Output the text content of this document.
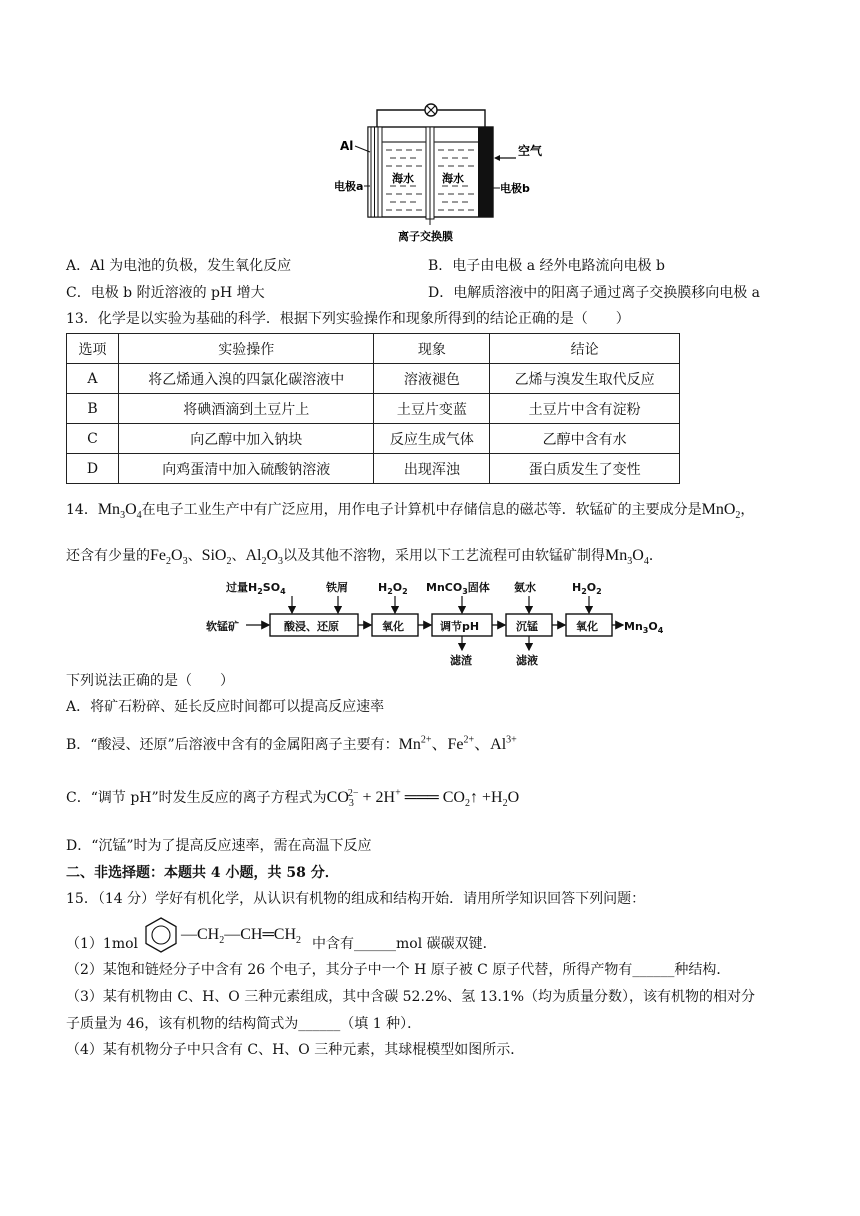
Al
电极a
海水	海水
空气
电极b
离子交换膜
A．Al 为电池的负极，发生氧化反应	B．电子由电极 a 经外电路流向电极 b
C．电极 b 附近溶液的 pH 增大	D．电解质溶液中的阳离子通过离子交换膜移向电极 a
13．化学是以实验为基础的科学．根据下列实验操作和现象所得到的结论正确的是（　　）
选项	实验操作	现象	结论
A	将乙烯通入溴的四氯化碳溶液中	溶液褪色	乙烯与溴发生取代反应
B	将碘酒滴到土豆片上	土豆片变蓝	土豆片中含有淀粉
C	向乙醇中加入钠块	反应生成气体	乙醇中含有水
D	向鸡蛋清中加入硫酸钠溶液	出现浑浊	蛋白质发生了变性
14．$Mn_3O_4$在电子工业生产中有广泛应用，用作电子计算机中存储信息的磁芯等．软锰矿的主要成分是MnO$_2$，
还含有少量的$Fe_2O_3$、SiO$_2$、$Al_2O_3$以及其他不溶物，采用以下工艺流程可由软锰矿制得$Mn_3O_4$．
软锰矿	酸浸、还原	氧化	调节pH	沉锰	氧化 $Mn_3O_4$
过量$H_2SO_4$	铁屑	$H_2O_2$ MnCO$_3$固体 氨水	$H_2O_2$
滤渣	滤液
下列说法正确的是（　　）
A．将矿石粉碎、延长反应时间都可以提高反应速率
B．“酸浸、还原”后溶液中含有的金属阳离子主要有：$Mn^{2+}$、$Fe^{2+}$、$Al^{3+}$
C．“调节 pH”时发生反应的离子方程式为$CO_3^{2-} + 2H^+$ ═══ $CO_2↑ +H_2O$
D．“沉锰”时为了提高反应速率，需在高温下反应
二、非选择题：本题共 4 小题，共 58 分．
15．（14 分）学好有机化学，从认识有机物的组成和结构开始．请用所学知识回答下列问题：
（1）1mol
$―CH_2―CH═CH_2$ 中含有______mol 碳碳双键．
（2）某饱和链烃分子中含有 26 个电子，其分子中一个 H 原子被 C 原子代替，所得产物有______种结构．
（3）某有机物由 C、H、O 三种元素组成，其中含碳 52.2%、氢 13.1%（均为质量分数），该有机物的相对分
子质量为 46，该有机物的结构简式为______（填 1 种）．
（4）某有机物分子中只含有 C、H、O 三种元素，其球棍模型如图所示．
